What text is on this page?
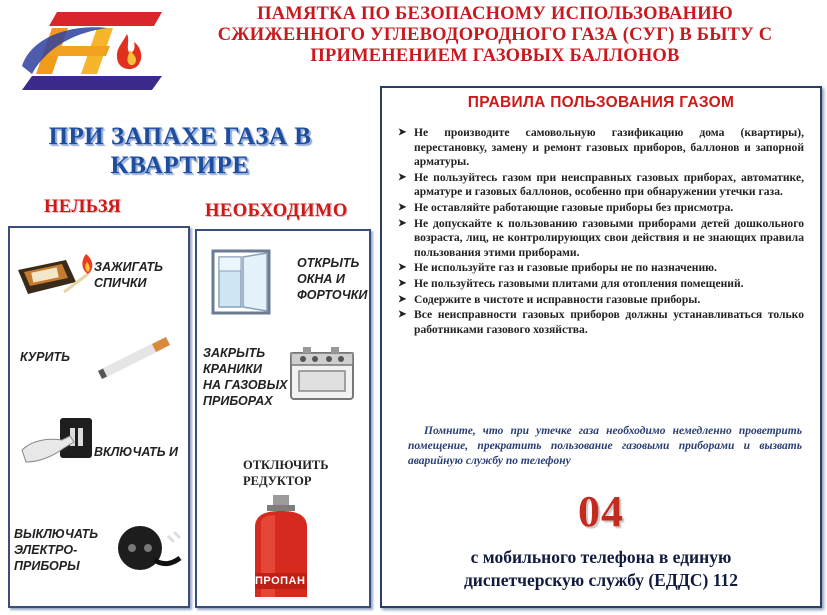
ПАМЯТКА ПО БЕЗОПАСНОМУ ИСПОЛЬЗОВАНИЮ
СЖИЖЕННОГО УГЛЕВОДОРОДНОГО ГАЗА (СУГ) В БЫТУ С
ПРИМЕНЕНИЕМ ГАЗОВЫХ БАЛЛОНОВ
ПРИ ЗАПАХЕ ГАЗА В
КВАРТИРЕ
НЕЛЬЗЯ	НЕОБХОДИМО
ЗАЖИГАТЬ
СПИЧКИ
КУРИТЬ
ВКЛЮЧАТЬ И
ВЫКЛЮЧАТЬ
ЭЛЕКТРО-
ПРИБОРЫ
ОТКРЫТЬ
ОКНА И
ФОРТОЧКИ
ЗАКРЫТЬ
КРАНИКИ
НА ГАЗОВЫХ
ПРИБОРАХ
ОТКЛЮЧИТЬ
РЕДУКТОР
ПРОПАН
ПРАВИЛА ПОЛЬЗОВАНИЯ ГАЗОМ
➤ Не производите самовольную газификацию дома (квартиры), перестановку, замену и ремонт газовых приборов, баллонов и запорной арматуры.
➤ Не пользуйтесь газом при неисправных газовых приборах, автоматике, арматуре и газовых баллонов, особенно при обнаружении утечки газа.
➤ Не оставляйте работающие газовые приборы без присмотра.
➤ Не допускайте к пользованию газовыми приборами детей дошкольного возраста, лиц, не контролирующих свои действия и не знающих правила пользования этими приборами.
➤ Не используйте газ и газовые приборы не по назначению.
➤ Не пользуйтесь газовыми плитами для отопления помещений.
➤ Содержите в чистоте и исправности газовые приборы.
➤ Все неисправности газовых приборов должны устанавливаться только работниками газового хозяйства.
Помните, что при утечке газа необходимо немедленно проветрить помещение, прекратить пользование газовыми приборами и вызвать аварийную службу по телефону
04
с мобильного телефона в единую
диспетчерскую службу (ЕДДС) 112
